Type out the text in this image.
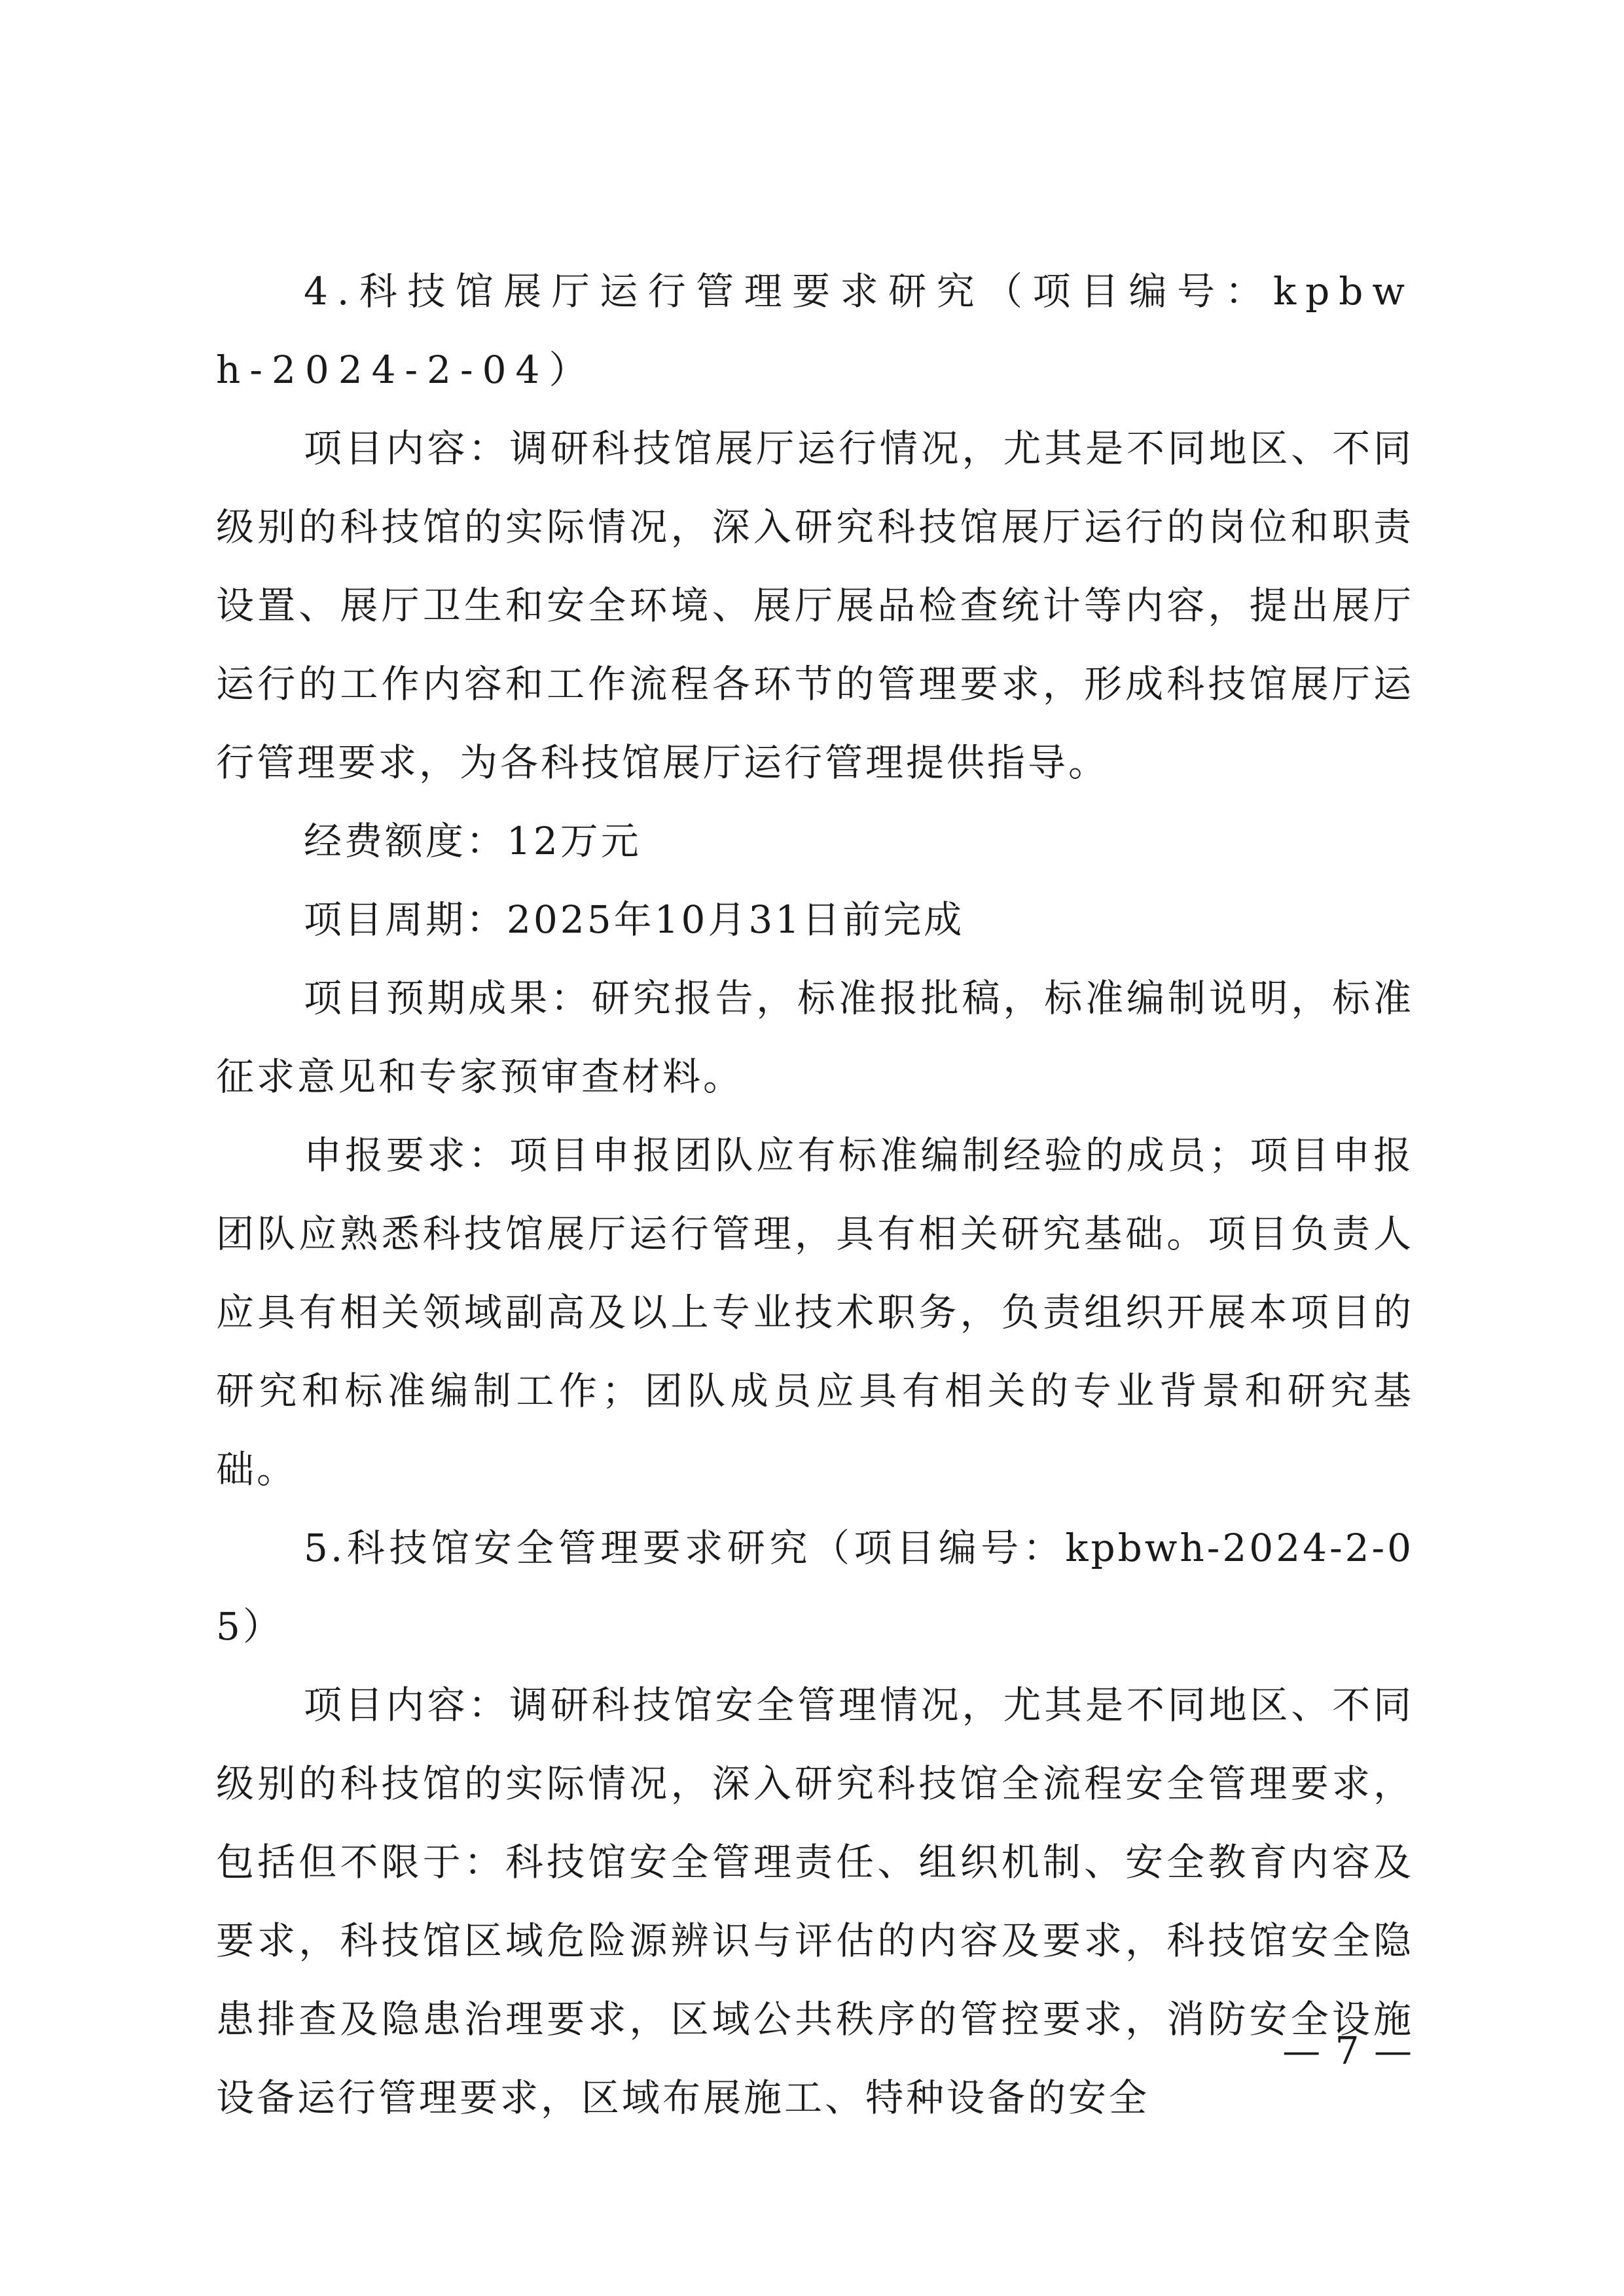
4.科技馆展厅运行管理要求研究（项目编号：kpbwh-2024-2-04）

项目内容：调研科技馆展厅运行情况，尤其是不同地区、不同级别的科技馆的实际情况，深入研究科技馆展厅运行的岗位和职责设置、展厅卫生和安全环境、展厅展品检查统计等内容，提出展厅运行的工作内容和工作流程各环节的管理要求，形成科技馆展厅运行管理要求，为各科技馆展厅运行管理提供指导。

经费额度：12万元

项目周期：2025年10月31日前完成

项目预期成果：研究报告，标准报批稿，标准编制说明，标准征求意见和专家预审查材料。

申报要求：项目申报团队应有标准编制经验的成员；项目申报团队应熟悉科技馆展厅运行管理，具有相关研究基础。项目负责人应具有相关领域副高及以上专业技术职务，负责组织开展本项目的研究和标准编制工作；团队成员应具有相关的专业背景和研究基础。

5.科技馆安全管理要求研究（项目编号：kpbwh-2024-2-05）

项目内容：调研科技馆安全管理情况，尤其是不同地区、不同级别的科技馆的实际情况，深入研究科技馆全流程安全管理要求，包括但不限于：科技馆安全管理责任、组织机制、安全教育内容及要求，科技馆区域危险源辨识与评估的内容及要求，科技馆安全隐患排查及隐患治理要求，区域公共秩序的管控要求，消防安全设施设备运行管理要求，区域布展施工、特种设备的安全

— 7 —
